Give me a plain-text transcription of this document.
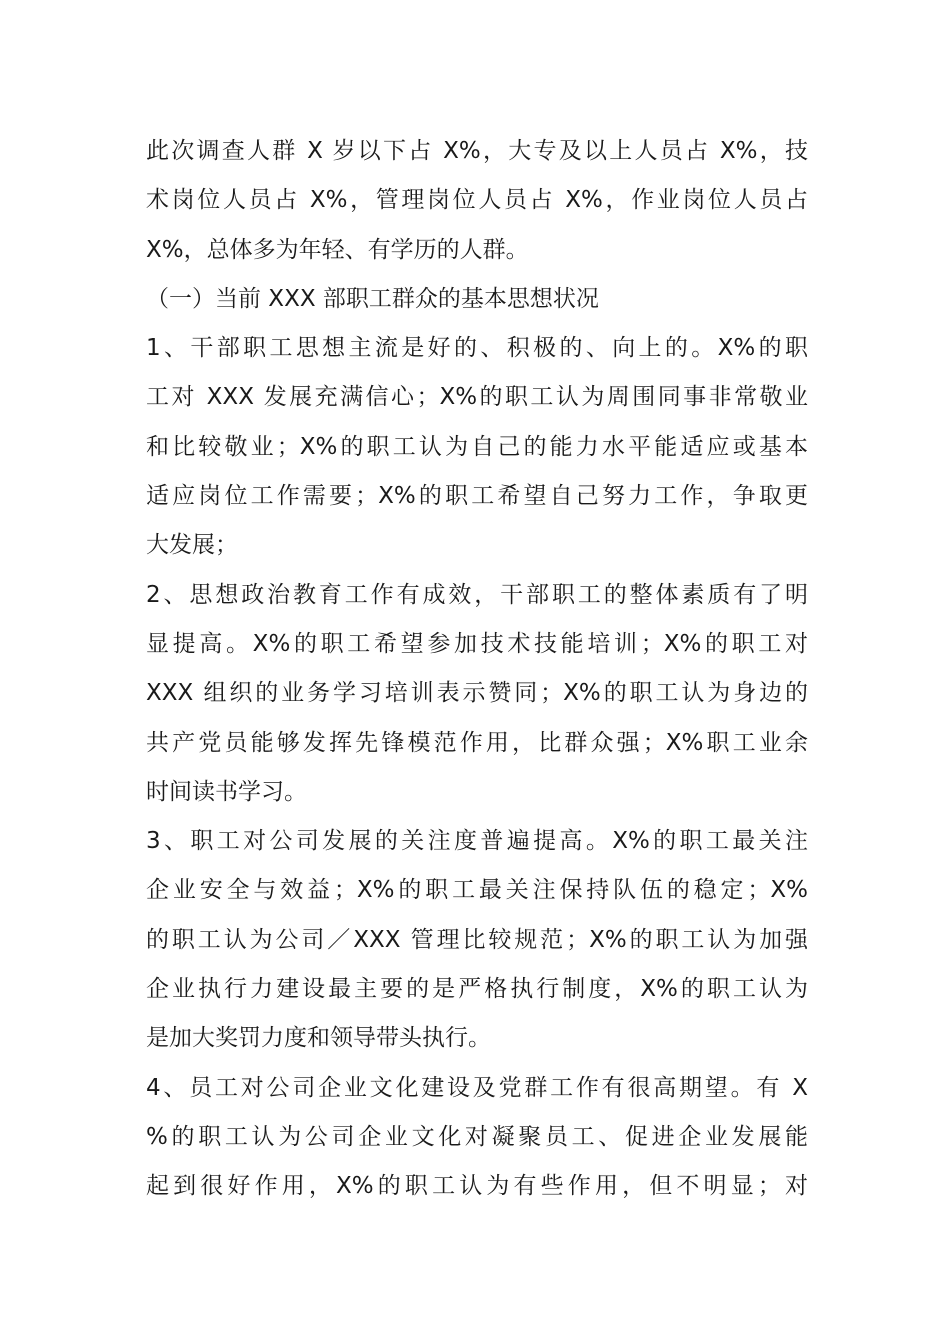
此次调查人群 X 岁以下占 X%，大专及以上人员占 X%，技
术岗位人员占 X%，管理岗位人员占 X%，作业岗位人员占
X%，总体多为年轻、有学历的人群。
（一）当前 XXX 部职工群众的基本思想状况
1、干部职工思想主流是好的、积极的、向上的。X%的职
工对 XXX 发展充满信心；X%的职工认为周围同事非常敬业
和比较敬业；X%的职工认为自己的能力水平能适应或基本
适应岗位工作需要；X%的职工希望自己努力工作，争取更
大发展；
2、思想政治教育工作有成效，干部职工的整体素质有了明
显提高。X%的职工希望参加技术技能培训；X%的职工对
XXX 组织的业务学习培训表示赞同；X%的职工认为身边的
共产党员能够发挥先锋模范作用，比群众强；X%职工业余
时间读书学习。
3、职工对公司发展的关注度普遍提高。X%的职工最关注
企业安全与效益；X%的职工最关注保持队伍的稳定；X%
的职工认为公司／XXX 管理比较规范；X%的职工认为加强
企业执行力建设最主要的是严格执行制度，X%的职工认为
是加大奖罚力度和领导带头执行。
4、员工对公司企业文化建设及党群工作有很高期望。有 X
%的职工认为公司企业文化对凝聚员工、促进企业发展能
起到很好作用，X%的职工认为有些作用，但不明显；对
